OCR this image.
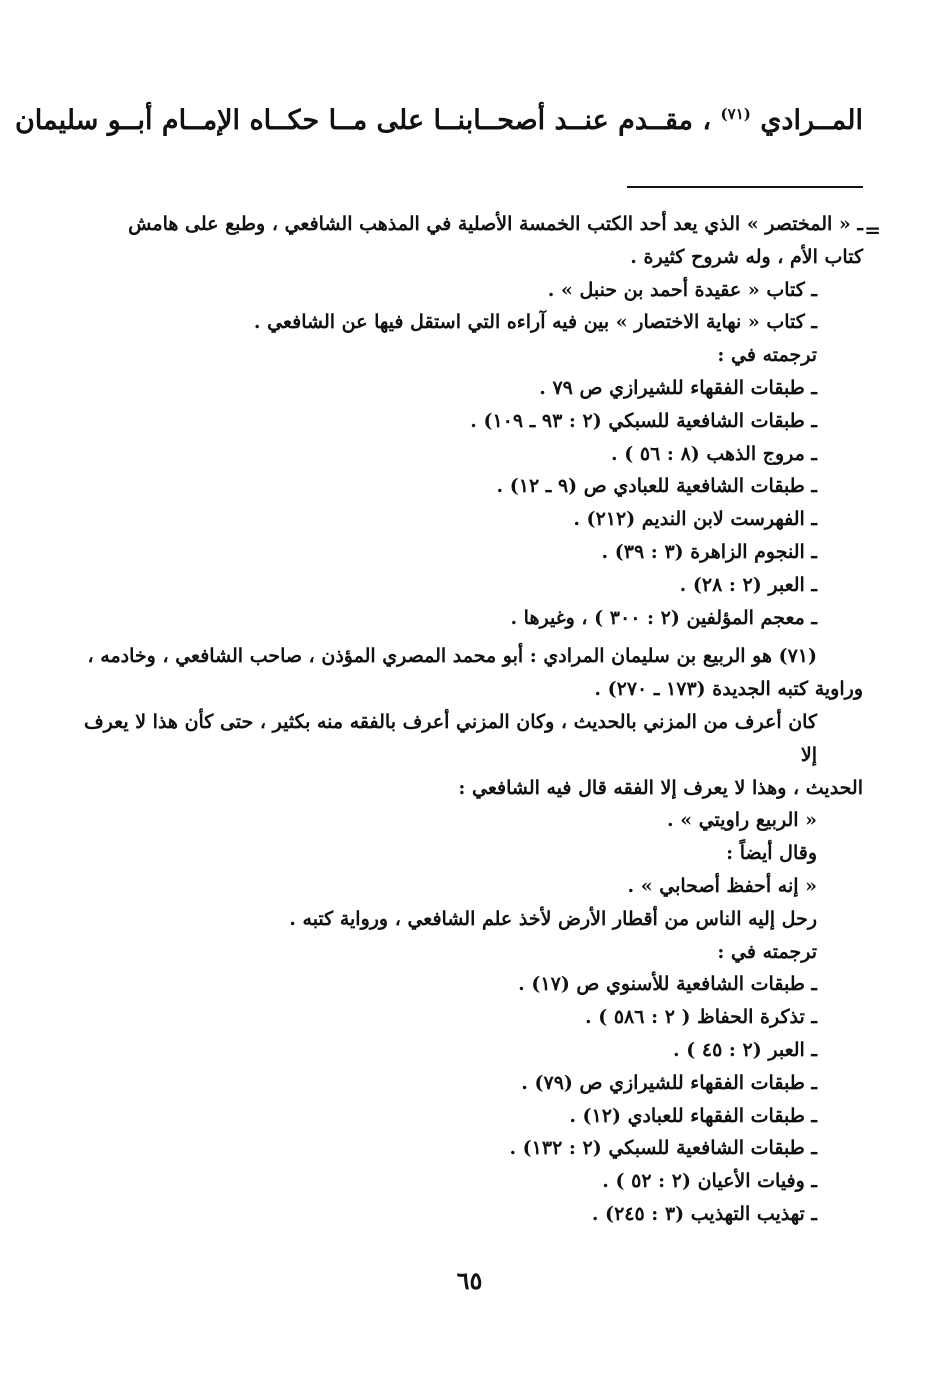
المــرادي $^{(٧١)}$ ، مقــدم عنــد أصحــابنــا على مــا حكــاه الإمــام أبــو سليمان
=

ـ « المختصر » الذي يعد أحد الكتب الخمسة الأصلية في المذهب الشافعي ، وطبع على هامش

كتاب الأم ، وله شروح كثيرة .

ـ كتاب « عقيدة أحمد بن حنبل » .

ـ كتاب « نهاية الاختصار » بين فيه آراءه التي استقل فيها عن الشافعي .

ترجمته في :

ـ طبقات الفقهاء للشيرازي ص ٧٩ .

ـ طبقات الشافعية للسبكي (٢ : ٩٣ ـ ١٠٩) .

ـ مروج الذهب (٨ : ٥٦ ) .

ـ طبقات الشافعية للعبادي ص (٩ ـ ١٢) .

ـ الفهرست لابن النديم (٢١٢) .

ـ النجوم الزاهرة (٣ : ٣٩) .

ـ العبر (٢ : ٢٨) .

ـ معجم المؤلفين (٢ : ٣٠٠ ) ، وغيرها .

(٧١) هو الربيع بن سليمان المرادي : أبو محمد المصري المؤذن ، صاحب الشافعي ، وخادمه ،

وراوية كتبه الجديدة (١٧٣ ـ ٢٧٠) .

كان أعرف من المزني بالحديث ، وكان المزني أعرف بالفقه منه بكثير ، حتى كأن هذا لا يعرف إلا

الحديث ، وهذا لا يعرف إلا الفقه قال فيه الشافعي :

« الربيع راويتي » .

وقال أيضاً :

« إنه أحفظ أصحابي » .

رحل إليه الناس من أقطار الأرض لأخذ علم الشافعي ، ورواية كتبه .

ترجمته في :

ـ طبقات الشافعية للأسنوي ص (١٧) .

ـ تذكرة الحفاظ ( ٢ : ٥٨٦ ) .

ـ العبر (٢ : ٤٥ ) .

ـ طبقات الفقهاء للشيرازي ص (٧٩) .

ـ طبقات الفقهاء للعبادي (١٢) .

ـ طبقات الشافعية للسبكي (٢ : ١٣٢) .

ـ وفيات الأعيان (٢ : ٥٢ ) .

ـ تهذيب التهذيب (٣ : ٢٤٥) .

٦٥
